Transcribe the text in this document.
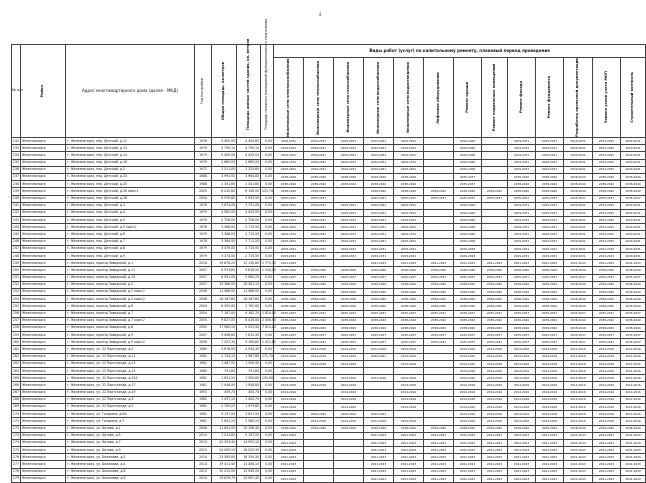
4
№ п/п	Район	Адрес многоквартирного дома (далее - МКД)	Год постройки	Общая площадь, кв.метров	Площадь жилых частей здания, кв. метров	Площадь нежилых помещений функционального назначения	Виды работ (услуг) по капитальному ремонту, плановый период проведения												

							Инженерные сети электроснабжения	Инженерные сети теплоснабжения	Инженерные сети газоснабжения	Инженерные сети водоснабжения	Инженерные сети водоотведения	Лифтовое оборудование	Ремонт крыши	Ремонт подвальных помещений	Ремонт фасада	Ремонт фундамента	Разработка проектной документации	Замена узлов учета МОП	Строительный контроль

232	Железногорск	г. Железногорск, пер. Детский, д.12	1976	5 400,00	4 454,85	0,00	2029-2031	2029-2031	2029-2031	2029-2031	2029-2031		2026-2028		2029-2031	2029-2031	2029-2031	2023-2025	2029-2031
233	Железногорск	г. Железногорск, пер. Детский, д.13	1976	5 790,10	4 790,10	0,00	2029-2031	2029-2031	2029-2031	2029-2031	2029-2031		2026-2028		2029-2031	2029-2031	2029-2031	2023-2025	2029-2031
234	Железногорск	г. Железногорск, пер. Детский, д.14	1979	5 400,00	4 425,53	0,00	2029-2031	2029-2031	2029-2031	2029-2031	2029-2031		2026-2028		2029-2031	2029-2031	2029-2031	2023-2025	2029-2031
235	Железногорск	г. Железногорск, пер. Детский, д.16	1979	2 685,00	2 685,00	0,00	2029-2031	2029-2031	2029-2031	2029-2031	2029-2031		2026-2028		2029-2031	2029-2031	2029-2031	2023-2025	2029-2031
236	Железногорск	г. Железногорск, пер. Детский, д.2	1972	2 511,00	2 325,80	0,00	2029-2031	2029-2031	2029-2031	2029-2031	2029-2031		2026-2028		2029-2031	2029-2031	2029-2031	2023-2025	2029-2031
237	Железногорск	г. Железногорск, пер. Детский, д.23	1988	3 992,50	3 964,80	0,00	2038-2040	2038-2040	2038-2040	2038-2040	2038-2040		2035-2037		2038-2040	2038-2040	2038-2040	2038-2040	2038-2040
238	Железногорск	г. Железногорск, пер. Детский, д.25	1988	2 341,80	2 341,80	0,00	2038-2040	2038-2040	2038-2040	2038-2040	2038-2040		2035-2037		2038-2040	2038-2040	2038-2040	2038-2040	2038-2040
239	Железногорск	г. Железногорск, пер. Детский, д.26 корп.1	2003	8 220,80	6 108,00	123,74	2038-2040	2038-2040		2038-2040	2038-2040	2038-2040	2038-2040	2038-2040	2038-2040	2038-2040	2038-2040	2038-2040	2038-2040
240	Железногорск	г. Железногорск, пер. Детский, д.28	2004	6 970,80	5 935,90	0,00	2035-2037	2035-2037		2035-2037	2035-2037	2035-2037	2035-2037	2035-2037	2035-2037	2035-2037	2035-2037	2035-2037	2035-2037
241	Железногорск	г. Железногорск, пер. Детский, д.3	1978	3 874,00	3 751,00	0,00	2029-2031	2029-2031	2029-2031	2029-2031	2029-2031		2026-2028		2029-2031	2029-2031	2029-2031	2023-2025	2029-2031
242	Железногорск	г. Железногорск, пер. Детский, д.4	1979	4 565,00	4 424,50	0,00	2029-2031	2029-2031	2029-2031	2029-2031	2029-2031		2026-2028		2029-2031	2029-2031	2029-2031	2023-2025	2029-2031
243	Железногорск	г. Железногорск, пер. Детский, д.5	1978	2 726,00	2 726,00	0,00	2029-2031	2029-2031	2029-2031	2029-2031	2029-2031		2026-2028		2029-2031	2029-2031	2029-2031	2023-2025	2029-2031
244	Железногорск	г. Железногорск, пер. Детский, д.5 корп.2	1978	3 388,00	2 715,50	0,00	2029-2031	2029-2031	2029-2031	2029-2031	2029-2031		2026-2028		2029-2031	2029-2031	2029-2031	2023-2025	2029-2031
245	Железногорск	г. Железногорск, пер. Детский, д.6	1979	3 388,00	2 715,50	0,00	2029-2031	2029-2031	2029-2031	2029-2031	2029-2031		2026-2028		2029-2031	2029-2031	2029-2031	2023-2025	2029-2031
246	Железногорск	г. Железногорск, пер. Детский, д.7	1978	3 384,00	2 711,20	0,00	2029-2031	2029-2031	2029-2031	2029-2031	2029-2031		2026-2028		2029-2031	2029-2031	2029-2031	2023-2025	2029-2031
247	Железногорск	г. Железногорск, пер. Детский, д.8	1979	3 379,00	2 715,50	0,00	2029-2031	2029-2031	2029-2031	2029-2031	2029-2031		2026-2028		2029-2031	2029-2031	2029-2031	2023-2025	2029-2031
248	Железногорск	г. Железногорск, пер. Детский, д.9	1979	3 374,00	2 715,50	0,00	2029-2031	2029-2031	2029-2031	2029-2031	2029-2031		2026-2028		2029-2031	2029-2031	2029-2031	2023-2025	2029-2031
249	Железногорск	г. Железногорск, проезд Заводской, д.1	2014	19 876,20	12 130,60	2 773,70	2041-2043			2041-2043	2041-2043	2041-2043	2041-2043	2041-2043	2041-2043	2041-2043	2041-2043	2041-2043	2041-2043
250	Железногорск	г. Железногорск, проезд Заводской, д.11	2007	6 974,80	4 816,50	1 034,00	2038-2040	2038-2040	2038-2040	2038-2040	2038-2040	2038-2040	2038-2040	2038-2040	2038-2040	2038-2040	2038-2040	2038-2040	2038-2040
251	Железногорск	г. Железногорск, проезд Заводской, д.13	2007	6 591,00	5 985,20	0,00	2035-2037	2035-2037	2035-2037	2035-2037	2035-2037	2035-2037	2035-2037	2035-2037	2035-2037	2035-2037	2035-2037	2035-2037	2035-2037
252	Железногорск	г. Железногорск, проезд Заводской, д.2	2007	19 386,00	18 381,10	0,00	2038-2040	2038-2040	2038-2040	2038-2040	2038-2040	2038-2040	2038-2040	2038-2040	2038-2040	2038-2040	2038-2040	2038-2040	2038-2040
253	Железногорск	г. Железногорск, проезд Заводской, д.2 корп.2	2006	11 486,00	11 486,00	0,00	2038-2040	2038-2040	2038-2040	2038-2040	2038-2040	2038-2040	2038-2040	2038-2040	2038-2040	2038-2040	2038-2040	2038-2040	2038-2040
254	Железногорск	г. Железногорск, проезд Заводской, д.4 корп.2	2006	18 167,80	18 167,80	0,00	2038-2040	2038-2040	2038-2040	2038-2040	2038-2040	2038-2040	2038-2040	2038-2040	2038-2040	2038-2040	2038-2040	2038-2040	2038-2040
255	Железногорск	г. Железногорск, проезд Заводской, д.6	2004	6 392,60	5 762,60	0,00	2038-2040	2038-2040	2038-2040	2038-2040	2038-2040	2038-2040	2038-2040	2038-2040	2038-2040	2038-2040	2038-2040	2038-2040	2038-2040
256	Железногорск	г. Железногорск, проезд Заводской, д.7	2004	7 167,00	4 162,70	1 614,00	2035-2037	2035-2037	2035-2037	2035-2037	2035-2037	2035-2037	2035-2037	2035-2037	2035-2037	2035-2037	2035-2037	2035-2037	2035-2037
257	Железногорск	г. Железногорск, проезд Заводской, д.7 корп.2	2005	9 827,00	6 416,00	2 006,50	2038-2040	2038-2040	2038-2040	2038-2040	2038-2040	2038-2040	2038-2040	2038-2040	2038-2040	2038-2040	2038-2040	2038-2040	2038-2040
258	Железногорск	г. Железногорск, проезд Заводской, д.8	2005	17 560,50	5 291,30	7 614,20	2038-2040	2038-2040	2038-2040	2038-2040	2038-2040	2038-2040	2038-2040	2038-2040	2038-2040	2038-2040	2038-2040	2038-2040	2038-2040
259	Железногорск	г. Железногорск, проезд Заводской, д.9	2007	9 498,80	7 615,30	0,00	2035-2037	2035-2037	2035-2037	2035-2037	2035-2037	2035-2037	2035-2037	2035-2037	2035-2037	2035-2037	2035-2037	2035-2037	2035-2037
260	Железногорск	г. Железногорск, проезд Заводской, д.9 корп.2	2009	7 227,30	4 160,80	1 412,80	2035-2037	2035-2037	2035-2037	2035-2037	2035-2037	2035-2037	2035-2037	2035-2037	2035-2037	2035-2037	2035-2037	2035-2037	2035-2037
261	Железногорск	г. Железногорск, ул. 22 Партсъезда, д.1	1960	5 676,00	4 934,30	0,00	2014-2016	2014-2016	2014-2016	2014-2016	2014-2016		2014-2016	2014-2016	2014-2016	2014-2016	2014-2016	2014-2016	2014-2016
262	Железногорск	г. Железногорск, ул. 22 Партсъезда, д.11	1962	2 154,10	1 967,80	171,70	2014-2016	2014-2016	2014-2016	2020-2022	2014-2016		2014-2016	2014-2016	2014-2016	2014-2016	2014-2016	2014-2016	2014-2016
263	Железногорск	г. Железногорск, ул. 22 Партсъезда, д.13	1962	1 487,52	1 309,40	0,00	2014-2016	2014-2016	2014-2016		2014-2016		2014-2016	2014-2016	2014-2016	2014-2016	2014-2016	2014-2016	2014-2016
264	Железногорск	г. Железногорск, ул. 22 Партсъезда, д.15	1960	791,60	791,60	0,00	2014-2016						2014-2016	2014-2016	2014-2016	2014-2016	2014-2016	2014-2016	2014-2016
265	Железногорск	г. Железногорск, ул. 22 Партсъезда, д.15А	1962	1 631,50	1 390,60	135,60	2014-2016	2014-2016	2014-2016	2014-2016	2014-2016		2014-2016	2014-2016	2014-2016	2014-2016	2014-2016	2014-2016	2014-2016
266	Железногорск	г. Железногорск, ул. 22 Партсъезда, д.17	1961	2 046,00	1 958,80	0,00	2014-2016	2014-2016	2014-2016		2014-2016		2014-2016	2014-2016	2014-2016	2014-2016	2014-2016	2014-2016	2014-2016
267	Железногорск	г. Железногорск, ул. 22 Партсъезда, д.19	1953	459,74	450,74	0,00	2014-2016		2014-2016		2014-2016		2014-2016	2014-2016	2014-2016	2014-2016	2014-2016	2014-2016	2014-2016
268	Железногорск	г. Железногорск, ул. 22 Партсъезда, д.3	1962	1 437,10	1 404,70	0,00	2014-2016		2014-2016		2014-2016		2014-2016	2014-2016	2014-2016	2014-2016	2014-2016	2014-2016	2014-2016
269	Железногорск	г. Железногорск, ул. 22 Партсъезда, д.5	1962	2 709,20	1 979,80	0,00	2014-2016		2014-2016		2014-2016		2014-2016	2014-2016	2014-2016	2014-2016	2014-2016	2014-2016	2014-2016
270	Железногорск	г. Железногорск, ул. Гагарина, д.6А	1962	4 137,00	3 837,00	0,00	2020-2022	2020-2022	2020-2022	2020-2022			2014-2016	2014-2016	2014-2016	2014-2016	2014-2016	2014-2016	2014-2016
271	Железногорск	г. Железногорск, ул. Гагарина, д.7	1962	2 801,20	2 589,20	0,00	2014-2016	2014-2016	2014-2016	2014-2016	2014-2016		2014-2016	2014-2016	2014-2016	2014-2016	2014-2016	2014-2016	2014-2016
272	Железногорск	г. Железногорск, ул. Батова, д.1	2006	11 691,00	10 156,40	0,00	2038-2040	2038-2040	2038-2040	2038-2040	2038-2040	2038-2040	2038-2040	2038-2040	2038-2040	2038-2040	2038-2040	2038-2040	2038-2040
273	Железногорск	г. Железногорск, ул. Батова, д.5	2014	7 014,80	5 107,20	0,00	2041-2043			2041-2043	2041-2043	2041-2043	2041-2043	2041-2043	2041-2043	2041-2043	2041-2043	2041-2043	2041-2043
274	Железногорск	г. Железногорск, ул. Батова, д.7	2013	22 303,40	14 955,10	0,00	2041-2043			2041-2043	2041-2043	2041-2043	2041-2043	2041-2043	2041-2043	2041-2043	2041-2043	2041-2043	2041-2043
275	Железногорск	г. Железногорск, ул. Батова, д.9	2013	24 009,10	16 020,30	0,00	2041-2043			2041-2043	2041-2043	2041-2043	2041-2043	2041-2043	2041-2043	2041-2043	2041-2043	2041-2043	2041-2043
276	Железногорск	г. Железногорск, ул. Бажанова, д.2	2014	23 585,80	16 255,30	0,00	2041-2043			2041-2043	2041-2043	2041-2043	2041-2043	2041-2043	2041-2043	2041-2043	2041-2043	2041-2043	2041-2043
277	Железногорск	г. Железногорск, ул. Бажанова, д.4	2013	19 411,40	13 408,10	0,00	2041-2043			2041-2043	2041-2043	2041-2043	2041-2043	2041-2043	2041-2043	2041-2043	2041-2043	2041-2043	2041-2043
278	Железногорск	г. Железногорск, ул. Бажанова, д.6	2013	20 415,00	13 949,20	0,00	2041-2043			2041-2043	2041-2043	2041-2043	2041-2043	2041-2043	2041-2043	2041-2043	2041-2043	2041-2043	2041-2043
279	Железногорск	г. Железногорск, ул. Бажанова, д.8	2014	19 676,70	14 067,40	0,00	2041-2043			2041-2043	2041-2043	2041-2043	2041-2043	2041-2043	2041-2043	2041-2043	2041-2043	2041-2043	2041-2043
